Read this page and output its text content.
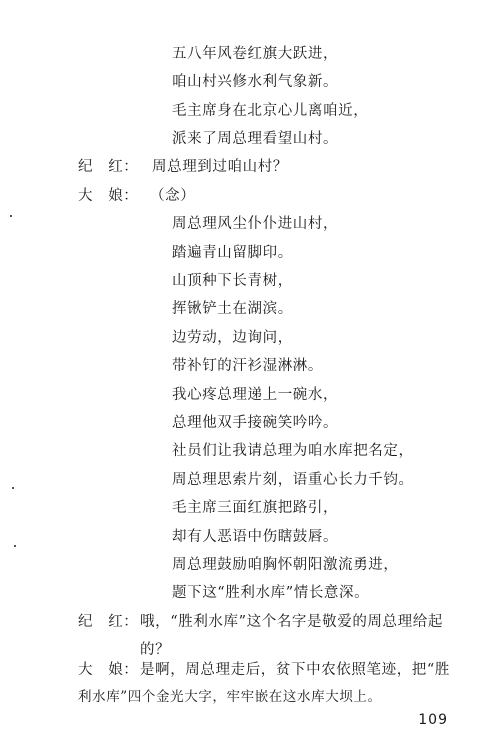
五八年风卷红旗大跃进，
咱山村兴修水利气象新。
毛主席身在北京心儿离咱近，
派来了周总理看望山村。
纪　红： 周总理到过咱山村？
大　娘： （念）
周总理风尘仆仆进山村，
踏遍青山留脚印。
山顶种下长青树，
挥锹铲土在湖滨。
边劳动，边询问，
带补钉的汗衫湿淋淋。
我心疼总理递上一碗水，
总理他双手接碗笑吟吟。
社员们让我请总理为咱水库把名定，
周总理思索片刻，语重心长力千钧。
毛主席三面红旗把路引，
却有人恶语中伤瞎鼓唇。
周总理鼓励咱胸怀朝阳激流勇进，
题下这“胜利水库”情长意深。
纪　红： 哦，“胜利水库”这个名字是敬爱的周总理给起
的？
大　娘： 是啊，周总理走后，贫下中农依照笔迹，把“胜
利水库”四个金光大字，牢牢嵌在这水库大坝上。
109
